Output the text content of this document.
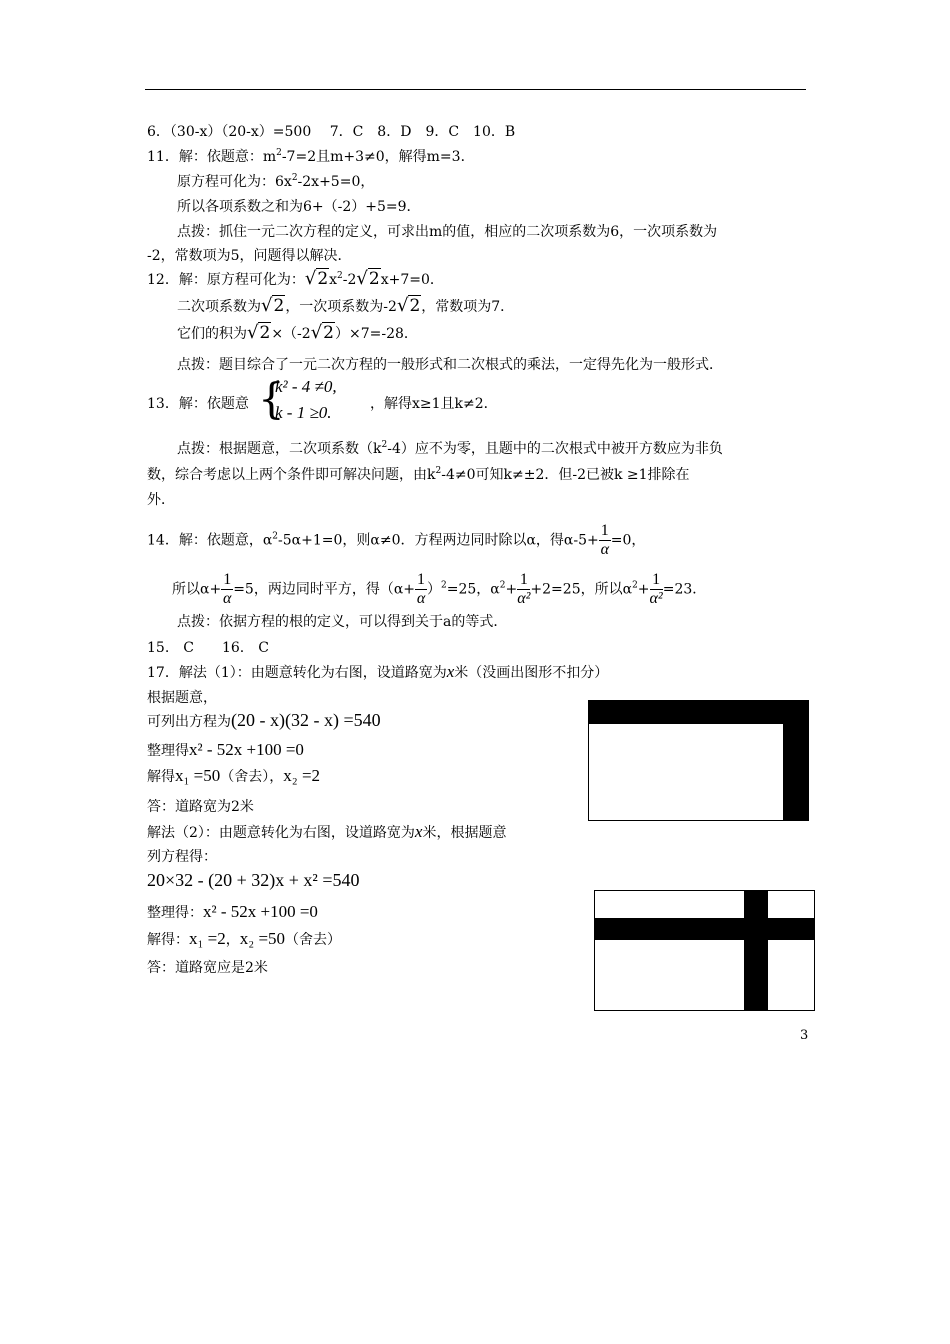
6．（30-x）（20-x）=500　 7．C　8．D　9．C　10．B
11．解：依题意：$m^2-7=2$且m+3≠0，解得m=3．
原方程可化为：$6x^2-2x+5=0$，
所以各项系数之和为6+（-2）+5=9．
点拨：抓住一元二次方程的定义，可求出m的值，相应的二次项系数为6，一次项系数为
-2，常数项为5，问题得以解决．
12．解：原方程可化为：$√2x^2-2√2x+7=0$．
二次项系数为√2，一次项系数为-2√2，常数项为7．
它们的积为√2×（-2√2）×7=-28．
点拨：题目综合了一元二次方程的一般形式和二次根式的乘法，一定得先化为一般形式．
13．解：依题意 {
k² - 4 ≠0,
k - 1 ≥0.	，解得x≥1且k≠2．
点拨：根据题意，二次项系数$(k^2-4)$应不为零，且题中的二次根式中被开方数应为非负
数，综合考虑以上两个条件即可解决问题，由$k^2-4\ne 0$可知k≠±2．但-2已被k ≥1排除在
外．
14．解：依题意，$\alpha^2-5\alpha+1=0$，则α≠0．方程两边同时除以α，得$\alpha-5+ \frac{1}{\alpha} =0$，
所以$\alpha+ \frac{1}{\alpha} =5$，两边同时平方，得$(\alpha+ \frac{1}{\alpha} )^2=25$，$\alpha^2+ \frac{1}{\text{α²}} +2=25$，所以$\alpha^2+ \frac{1}{\text{α²}} =23$．
点拨：依据方程的根的定义，可以得到关于a的等式．
15.　C　　16.　C
17．解法（1）：由题意转化为右图，设道路宽为x米（没画出图形不扣分）
根据题意，
可列出方程为(20 - x)(32 - x) =540
整理得x² - 52x +100 =0
解得x₁ =50（舍去），x₂ =2
答：道路宽为2米
解法（2）：由题意转化为右图，设道路宽为x米，根据题意
列方程得：
20×32 - (20 + 32)x + x² =540
整理得：x² - 52x +100 =0
解得：x₁ =2，x₂ =50（舍去）
答：道路宽应是2米
3
